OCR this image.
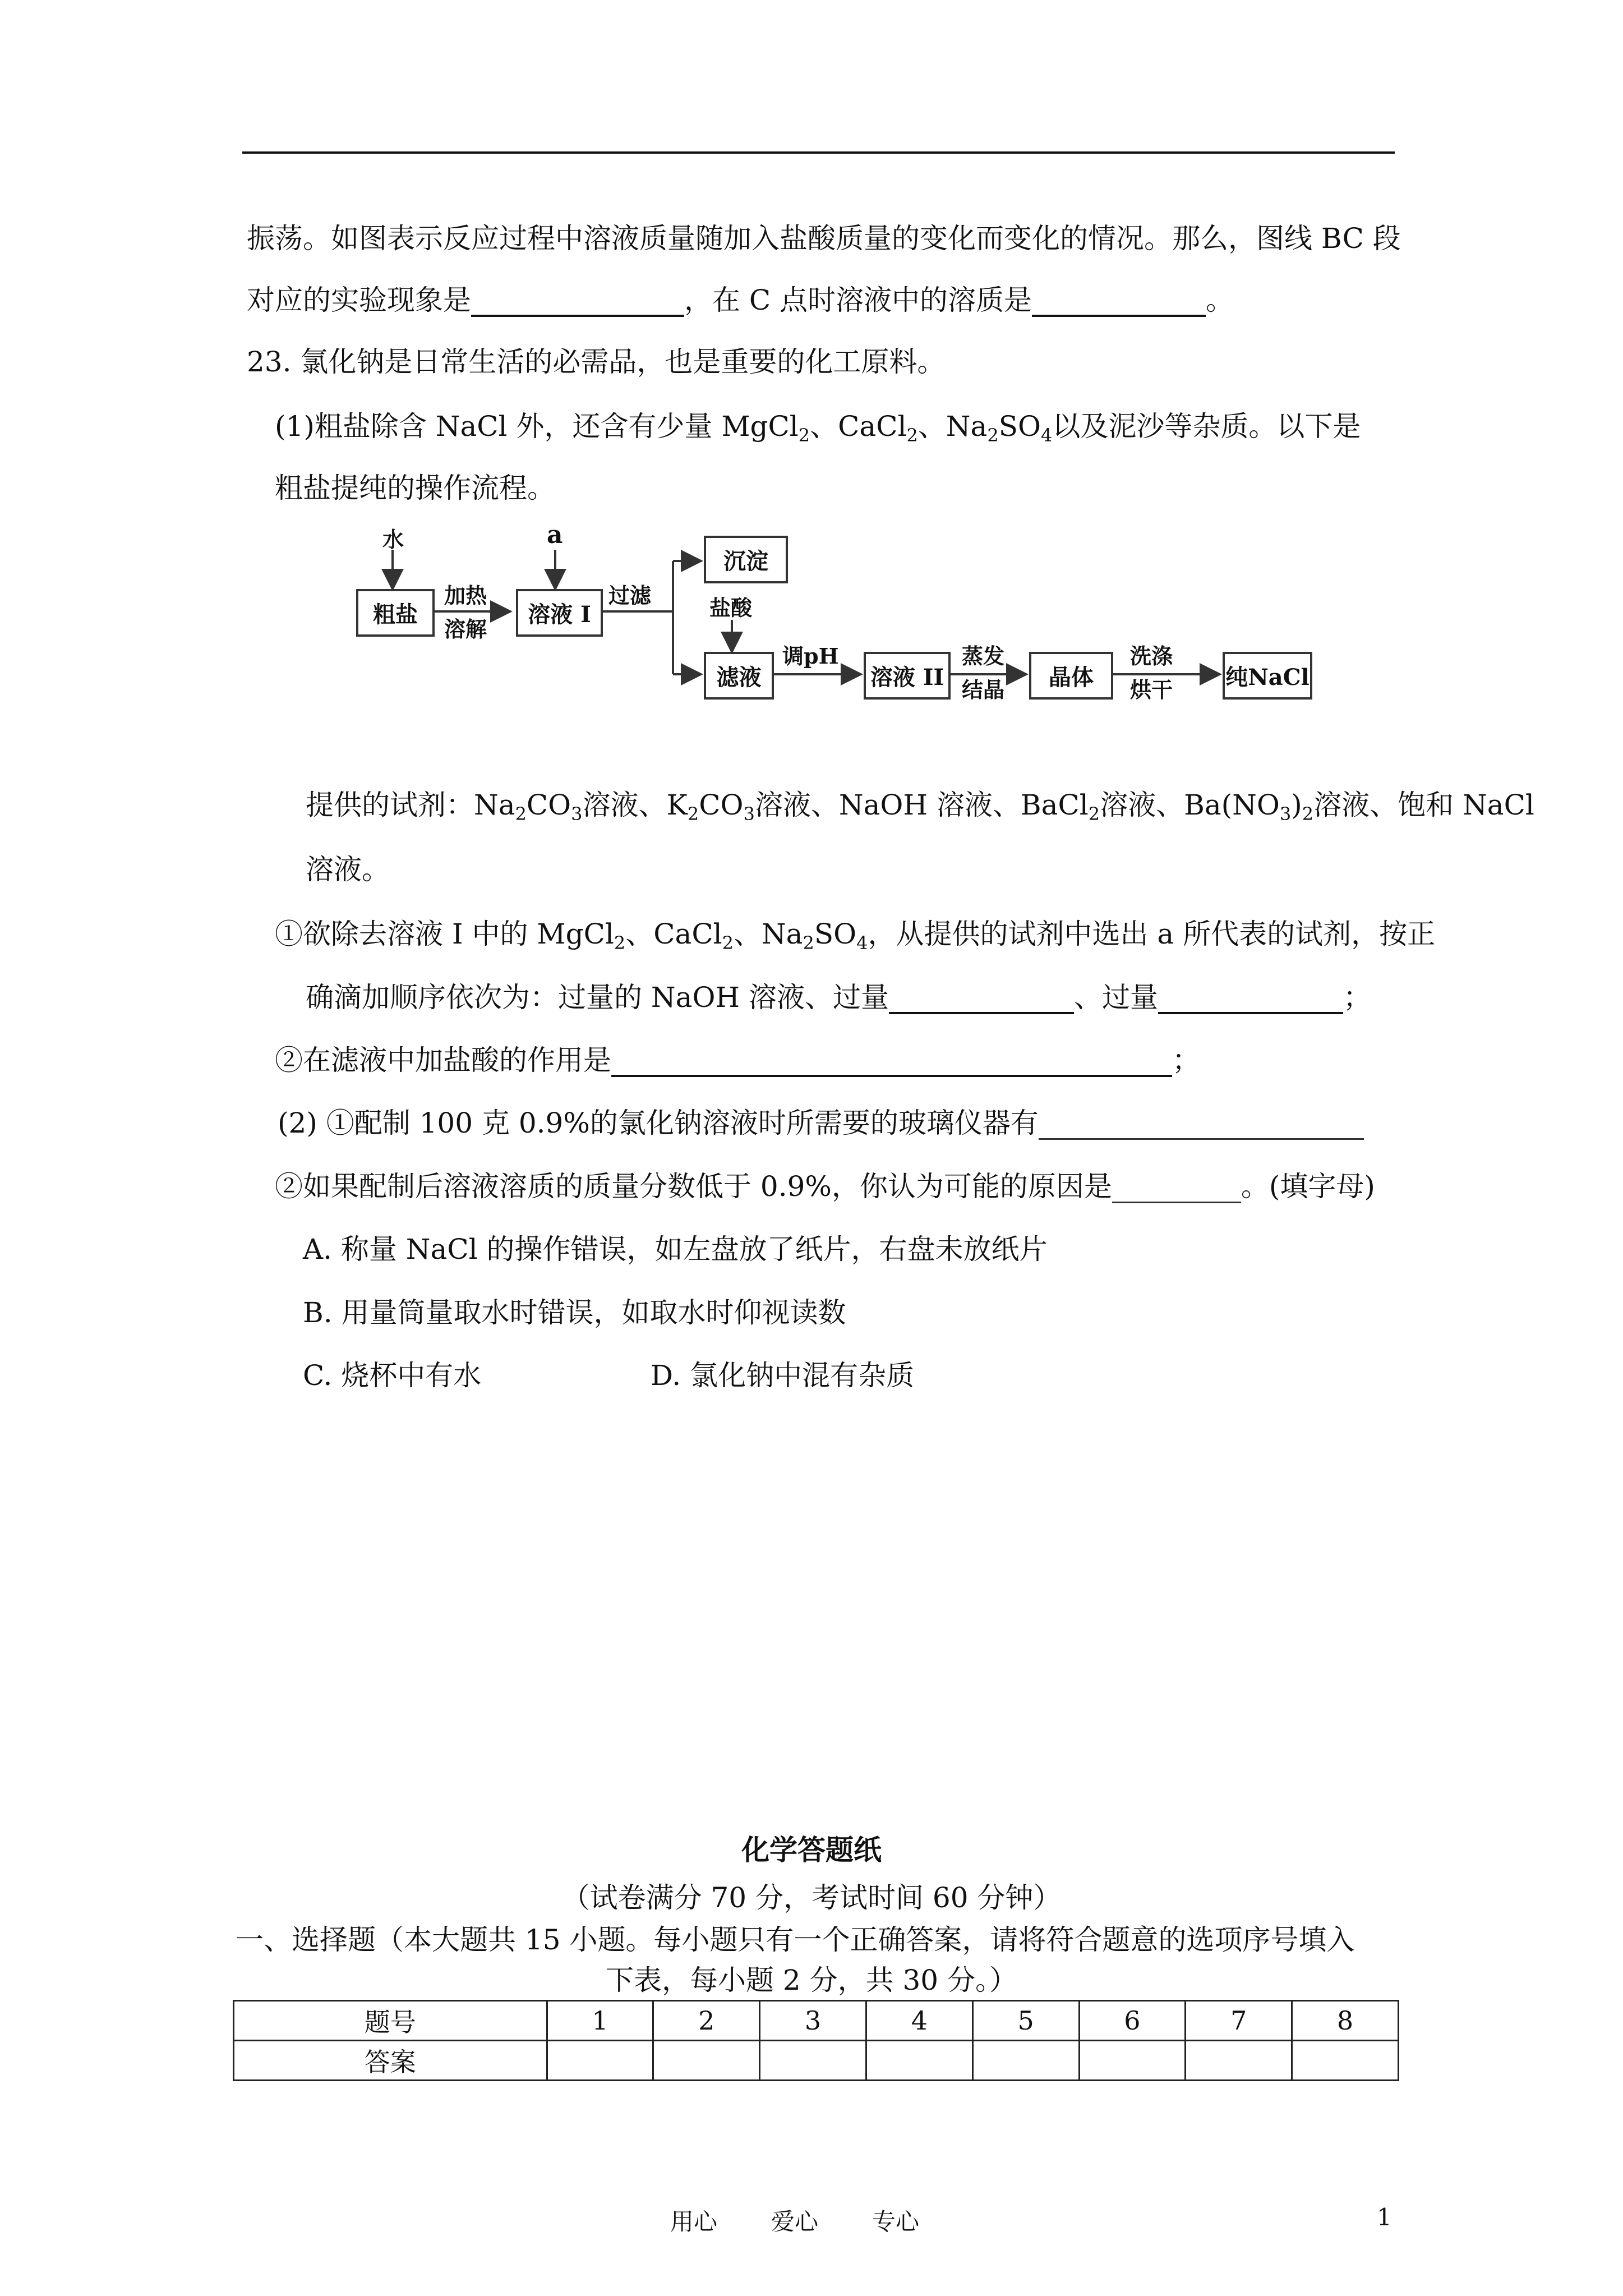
振荡。如图表示反应过程中溶液质量随加入盐酸质量的变化而变化的情况。那么，图线 BC 段
对应的实验现象是	，在 C 点时溶液中的溶质是	。
23. 氯化钠是日常生活的必需品，也是重要的化工原料。
(1)粗盐除含 NaCl 外，还含有少量 MgCl$_2$、CaCl$_2$、$Na_2SO_4$以及泥沙等杂质。以下是
粗盐提纯的操作流程。
水
粗盐
加热
溶解
a
溶液 I
过滤
沉淀
盐酸
滤液
调pH
溶液 II
蒸发
结晶 晶体
洗涤
烘干 纯NaCl
提供的试剂：$Na_2CO_3$溶液、$K_2CO_3$溶液、NaOH 溶液、BaCl$_2$溶液、$Ba(NO_3)_2$溶液、饱和 NaCl
溶液。
①欲除去溶液 I 中的 MgCl$_2$、CaCl$_2$、$Na_2SO_4$，从提供的试剂中选出 a 所代表的试剂，按正
确滴加顺序依次为：过量的 NaOH 溶液、过量	、过量	；
②在滤液中加盐酸的作用是	；
(2) ①配制 100 克 0.9%的氯化钠溶液时所需要的玻璃仪器有
②如果配制后溶液溶质的质量分数低于 0.9%，你认为可能的原因是	。(填字母)
A. 称量 NaCl 的操作错误，如左盘放了纸片，右盘未放纸片
B. 用量筒量取水时错误，如取水时仰视读数
C. 烧杯中有水	D. 氯化钠中混有杂质
化学答题纸
（试卷满分 70 分，考试时间 60 分钟）
一、选择题（本大题共 15 小题。每小题只有一个正确答案，请将符合题意的选项序号填入
下表，每小题 2 分，共 30 分。）
题号	1	2	3	4	5	6	7	8
答案								
用心 爱心 专心	1
